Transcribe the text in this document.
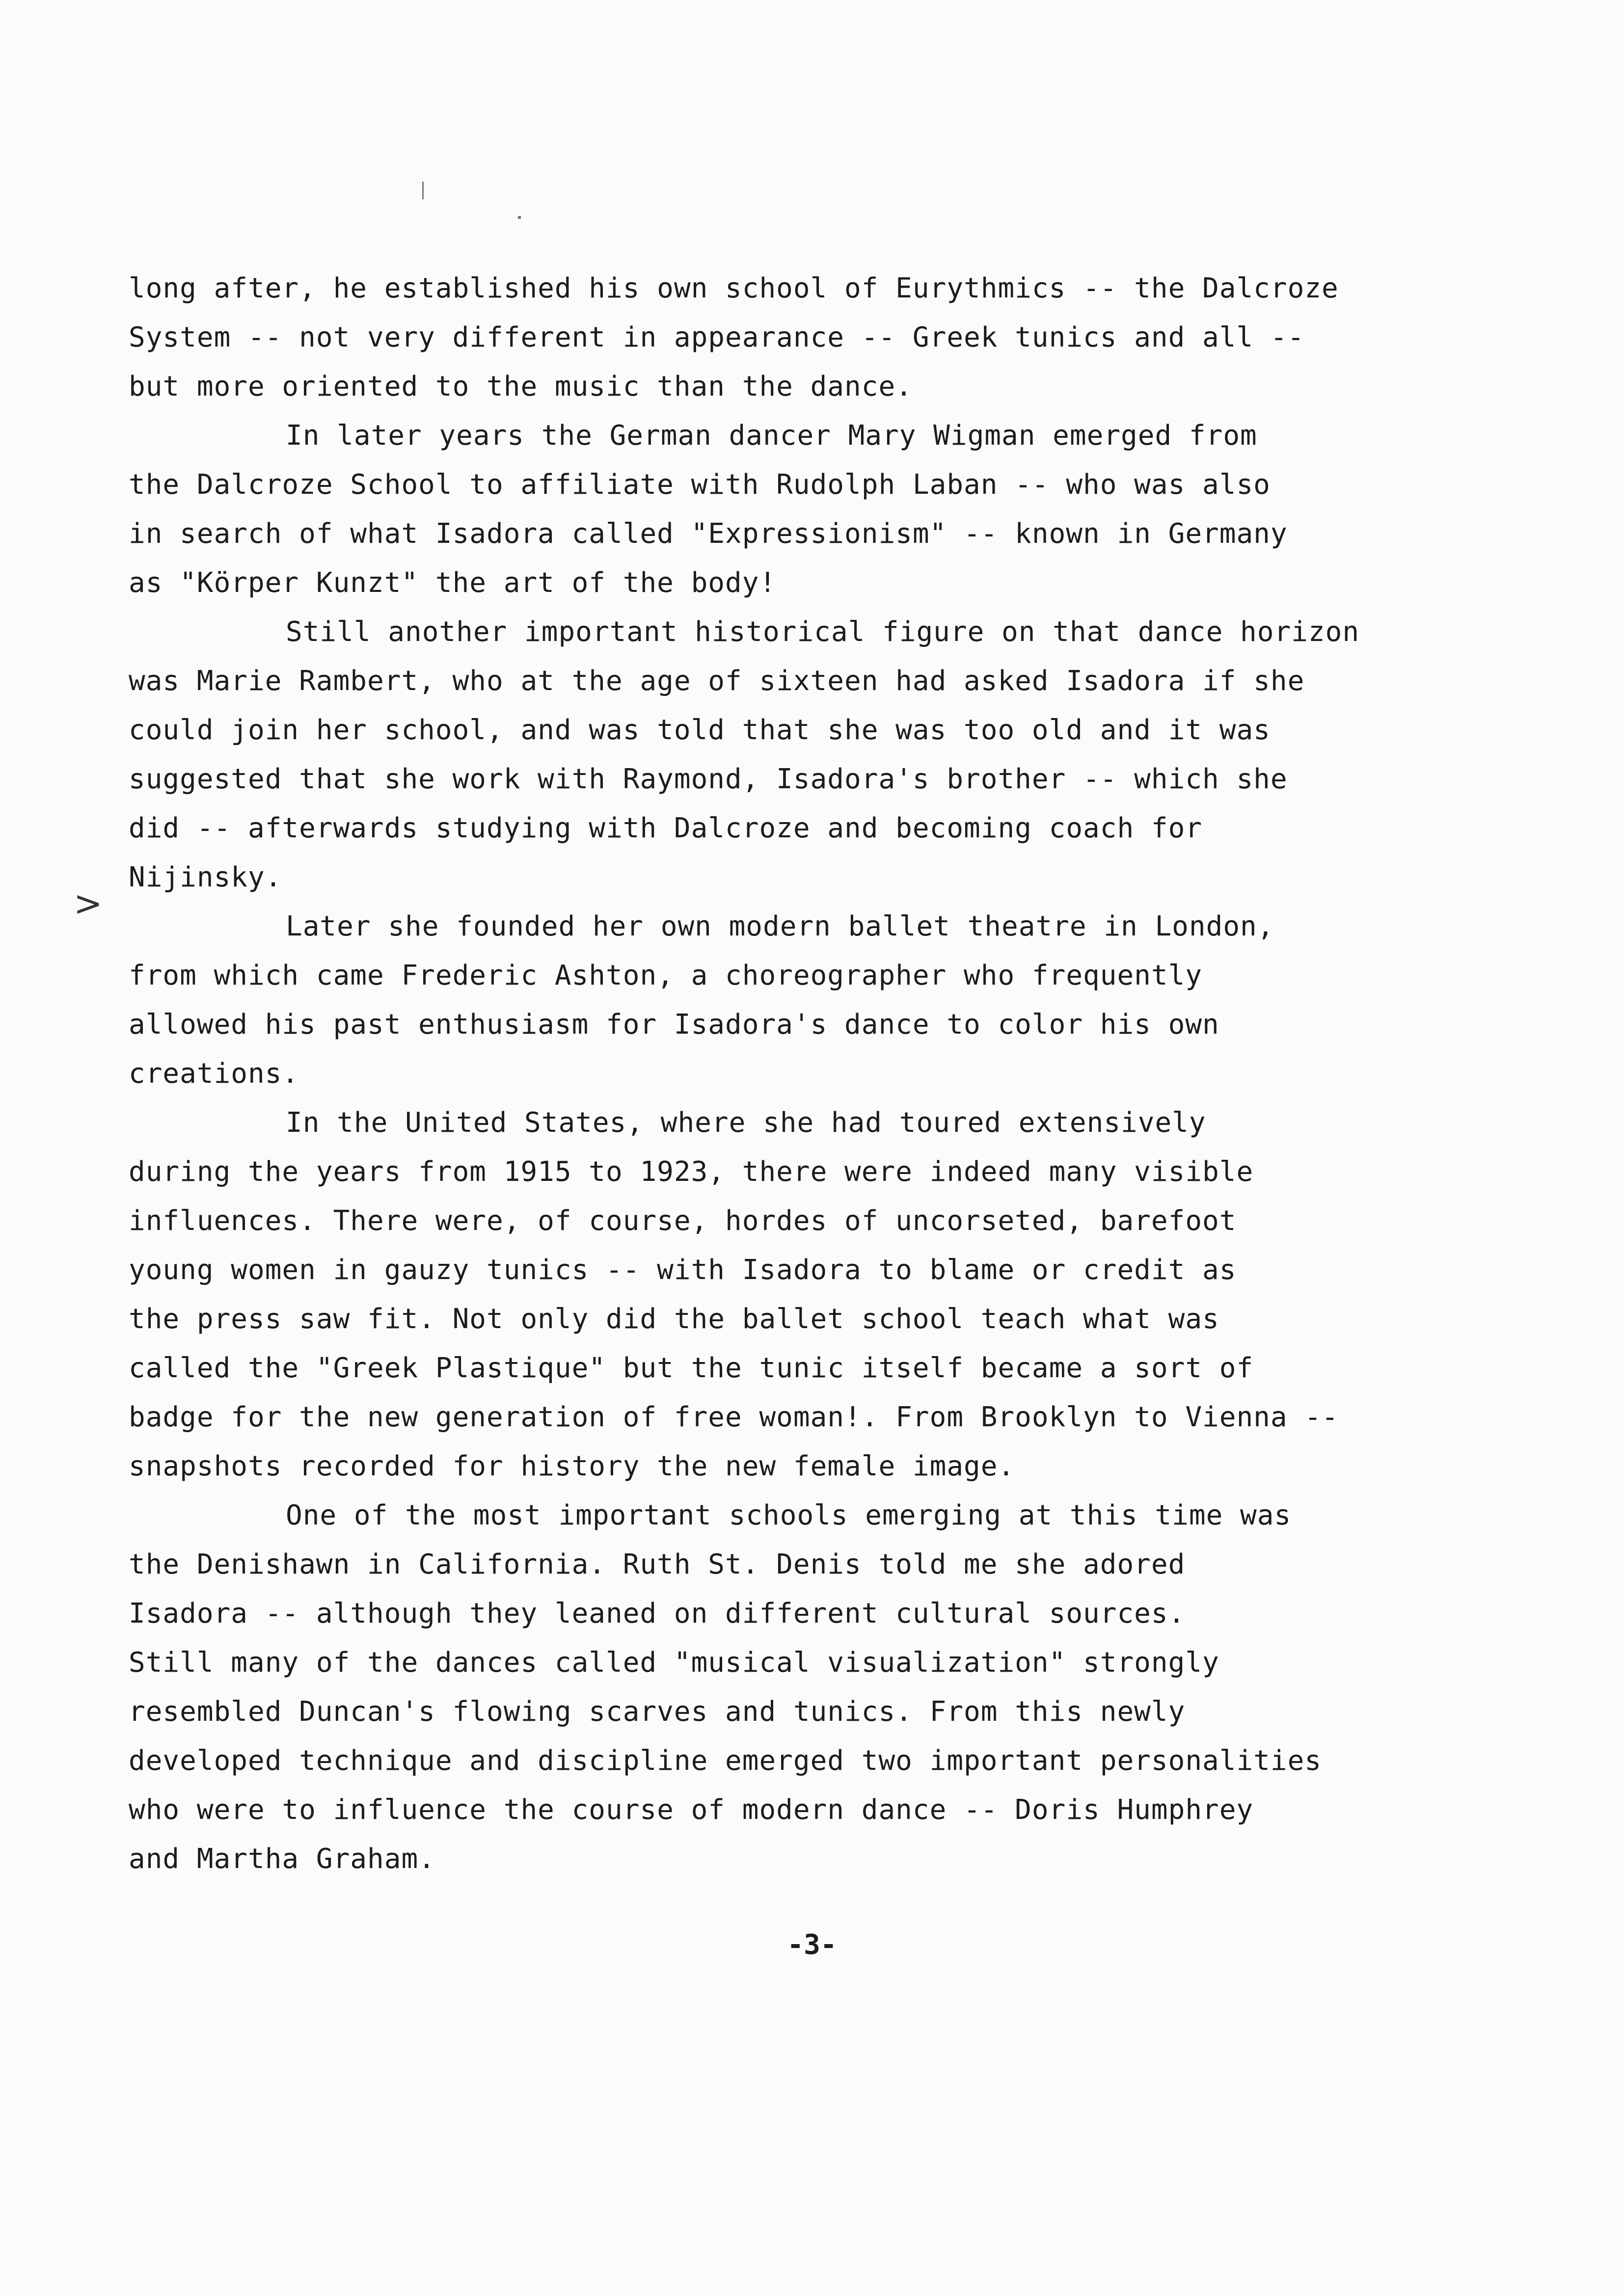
>
long after, he established his own school of Eurythmics -- the Dalcroze
System -- not very different in appearance -- Greek tunics and all --
but more oriented to the music than the dance.
In later years the German dancer Mary Wigman emerged from
the Dalcroze School to affiliate with Rudolph Laban -- who was also
in search of what Isadora called "Expressionism" -- known in Germany
as "Körper Kunzt" the art of the body!
Still another important historical figure on that dance horizon
was Marie Rambert, who at the age of sixteen had asked Isadora if she
could join her school, and was told that she was too old and it was
suggested that she work with Raymond, Isadora's brother -- which she
did -- afterwards studying with Dalcroze and becoming coach for
Nijinsky.
Later she founded her own modern ballet theatre in London,
from which came Frederic Ashton, a choreographer who frequently
allowed his past enthusiasm for Isadora's dance to color his own
creations.
In the United States, where she had toured extensively
during the years from 1915 to 1923, there were indeed many visible
influences. There were, of course, hordes of uncorseted, barefoot
young women in gauzy tunics -- with Isadora to blame or credit as
the press saw fit. Not only did the ballet school teach what was
called the "Greek Plastique" but the tunic itself became a sort of
badge for the new generation of free woman!. From Brooklyn to Vienna --
snapshots recorded for history the new female image.
One of the most important schools emerging at this time was
the Denishawn in California. Ruth St. Denis told me she adored
Isadora -- although they leaned on different cultural sources.
Still many of the dances called "musical visualization" strongly
resembled Duncan's flowing scarves and tunics. From this newly
developed technique and discipline emerged two important personalities
who were to influence the course of modern dance -- Doris Humphrey
and Martha Graham.
-3-
